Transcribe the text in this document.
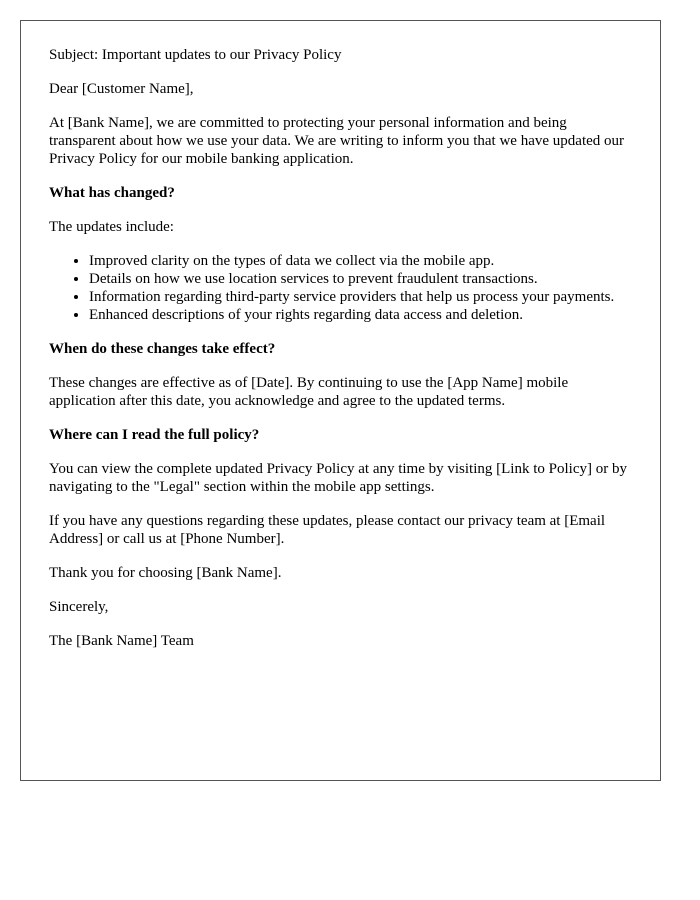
Subject: Important updates to our Privacy Policy

Dear [Customer Name],

At [Bank Name], we are committed to protecting your personal information and being transparent about how we use your data. We are writing to inform you that we have updated our Privacy Policy for our mobile banking application.

What has changed?

The updates include:

• Improved clarity on the types of data we collect via the mobile app.
• Details on how we use location services to prevent fraudulent transactions.
• Information regarding third-party service providers that help us process your payments.
• Enhanced descriptions of your rights regarding data access and deletion.

When do these changes take effect?

These changes are effective as of [Date]. By continuing to use the [App Name] mobile application after this date, you acknowledge and agree to the updated terms.

Where can I read the full policy?

You can view the complete updated Privacy Policy at any time by visiting [Link to Policy] or by navigating to the "Legal" section within the mobile app settings.

If you have any questions regarding these updates, please contact our privacy team at [Email Address] or call us at [Phone Number].

Thank you for choosing [Bank Name].

Sincerely,

The [Bank Name] Team
